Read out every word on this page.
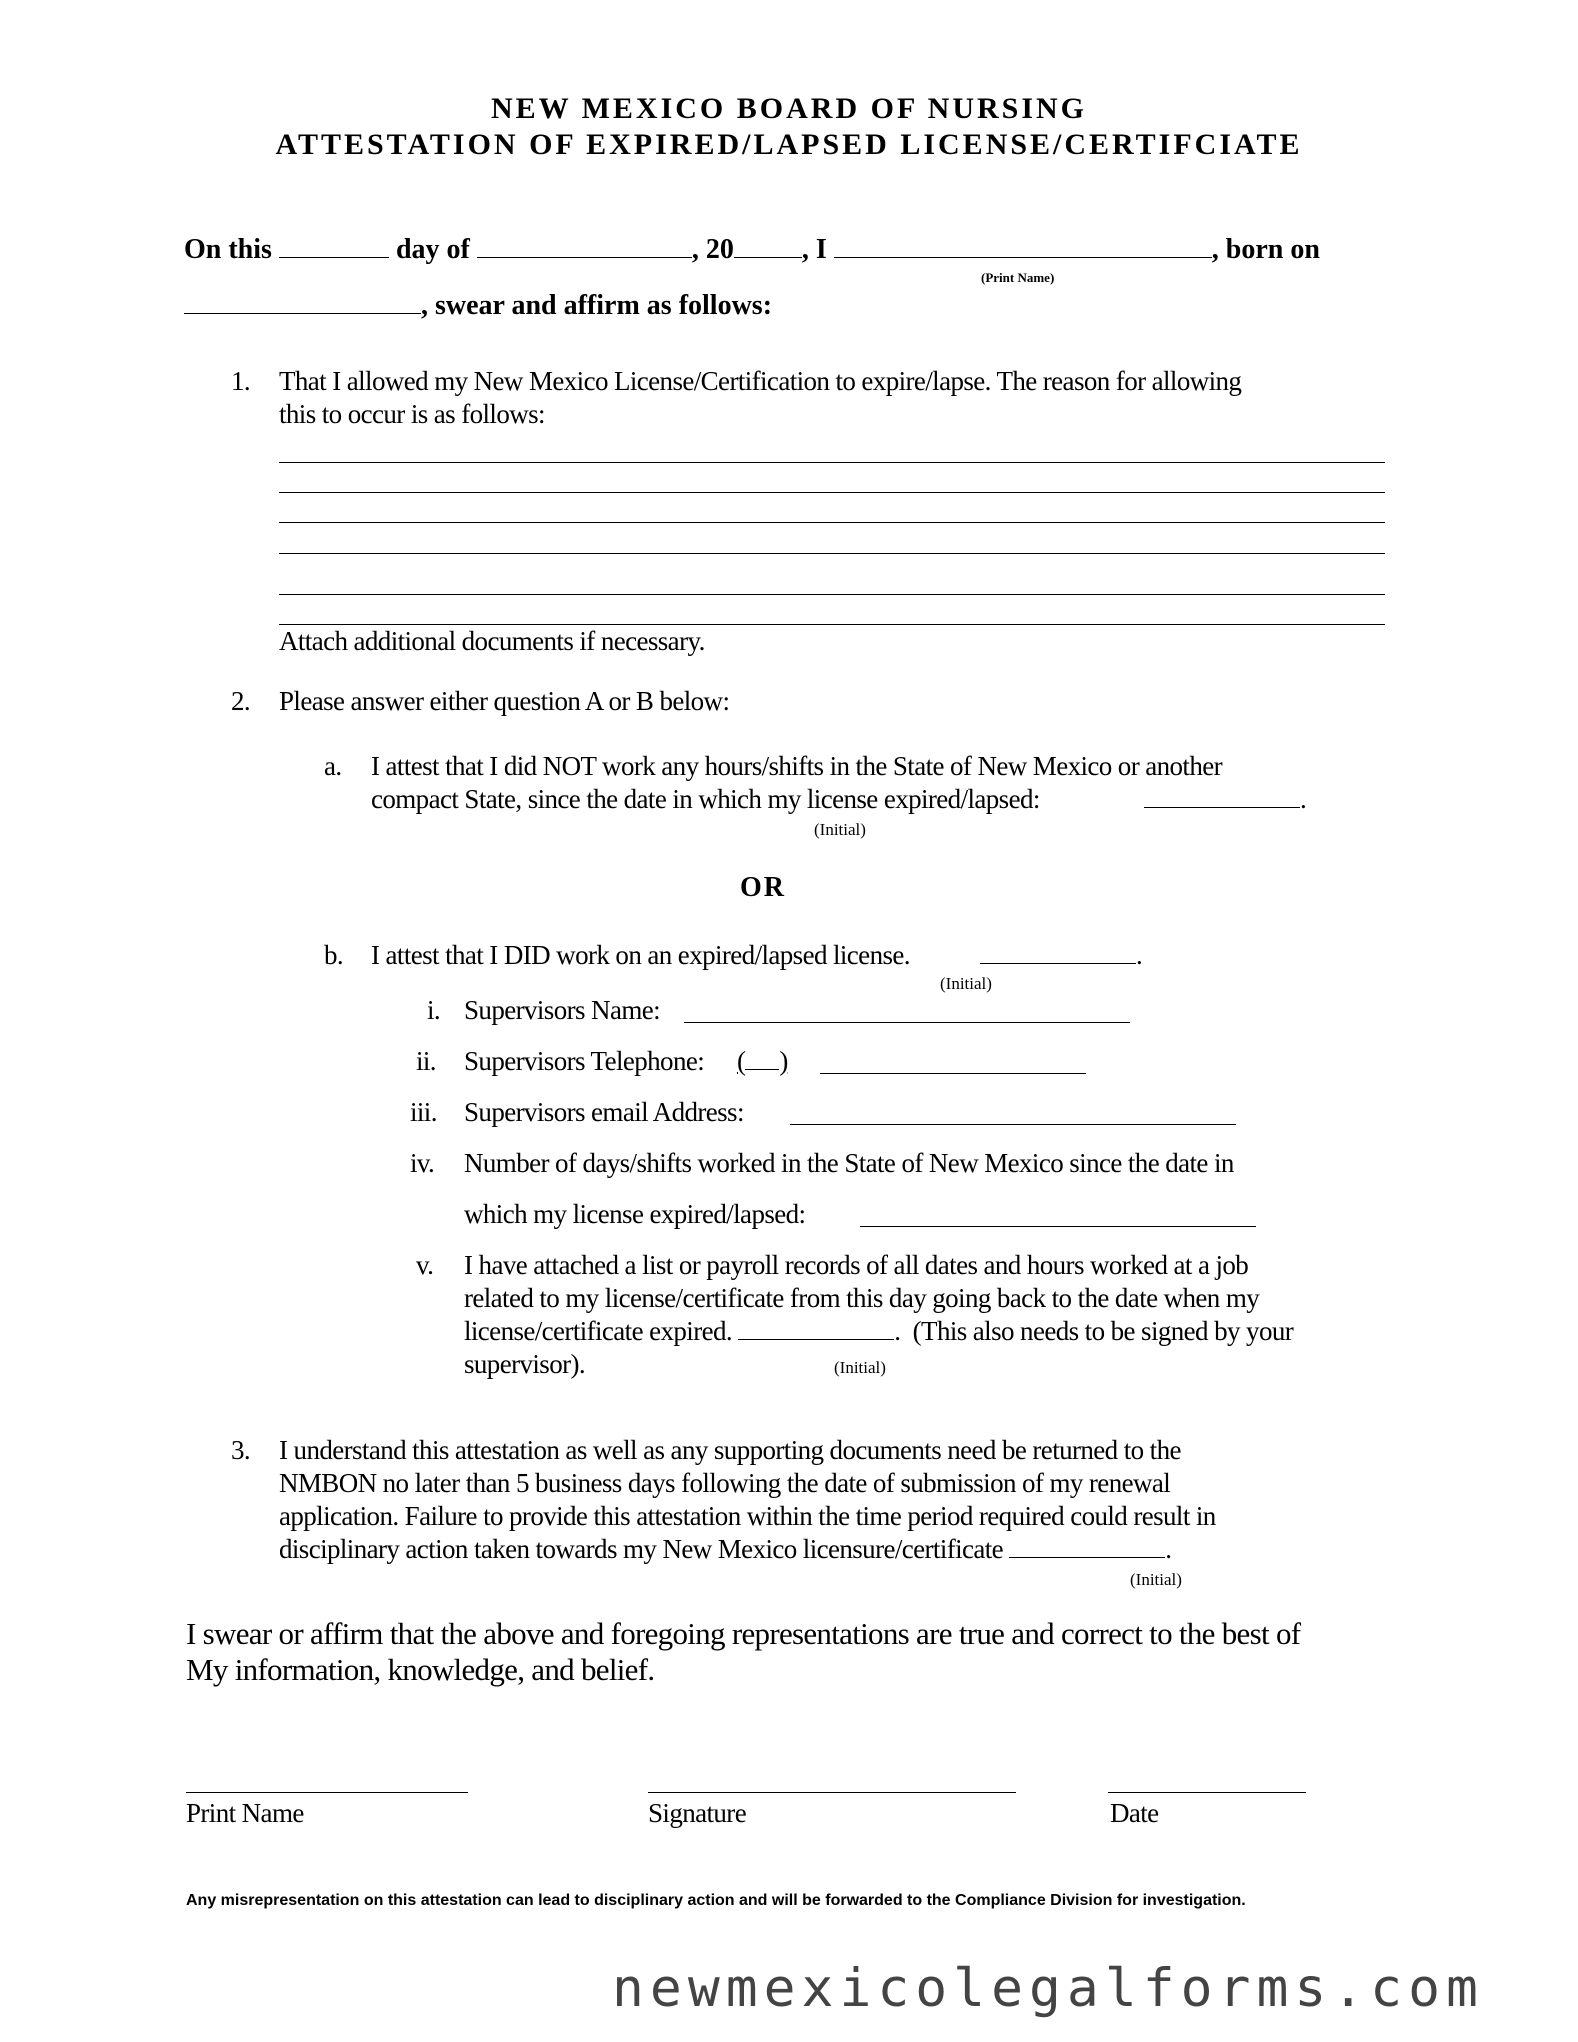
NEW MEXICO BOARD OF NURSING
ATTESTATION OF EXPIRED/LAPSED LICENSE/CERTIFCIATE
On this	day of	, 20 , I	, born on
(Print Name)
, swear and affirm as follows:
1. That I allowed my New Mexico License/Certification to expire/lapse. The reason for allowing
this to occur is as follows:
Attach additional documents if necessary.
2. Please answer either question A or B below:
a. I attest that I did NOT work any hours/shifts in the State of New Mexico or another
compact State, since the date in which my license expired/lapsed:	.
(Initial)
OR
b. I attest that I DID work on an expired/lapsed license.	.
(Initial)
i. Supervisors Name:
ii. Supervisors Telephone: ( )
iii. Supervisors email Address:
iv. Number of days/shifts worked in the State of New Mexico since the date in
which my license expired/lapsed:
v. I have attached a list or payroll records of all dates and hours worked at a job
related to my license/certificate from this day going back to the date when my
license/certificate expired.	.  (This also needs to be signed by your
supervisor).	(Initial)
3. I understand this attestation as well as any supporting documents need be returned to the
NMBON no later than 5 business days following the date of submission of my renewal
application. Failure to provide this attestation within the time period required could result in
disciplinary action taken towards my New Mexico licensure/certificate	.
(Initial)
I swear or affirm that the above and foregoing representations are true and correct to the best of
My information, knowledge, and belief.
Print Name	Signature	Date
Any misrepresentation on this attestation can lead to disciplinary action and will be forwarded to the Compliance Division for investigation.
newmexicolegalforms.com
